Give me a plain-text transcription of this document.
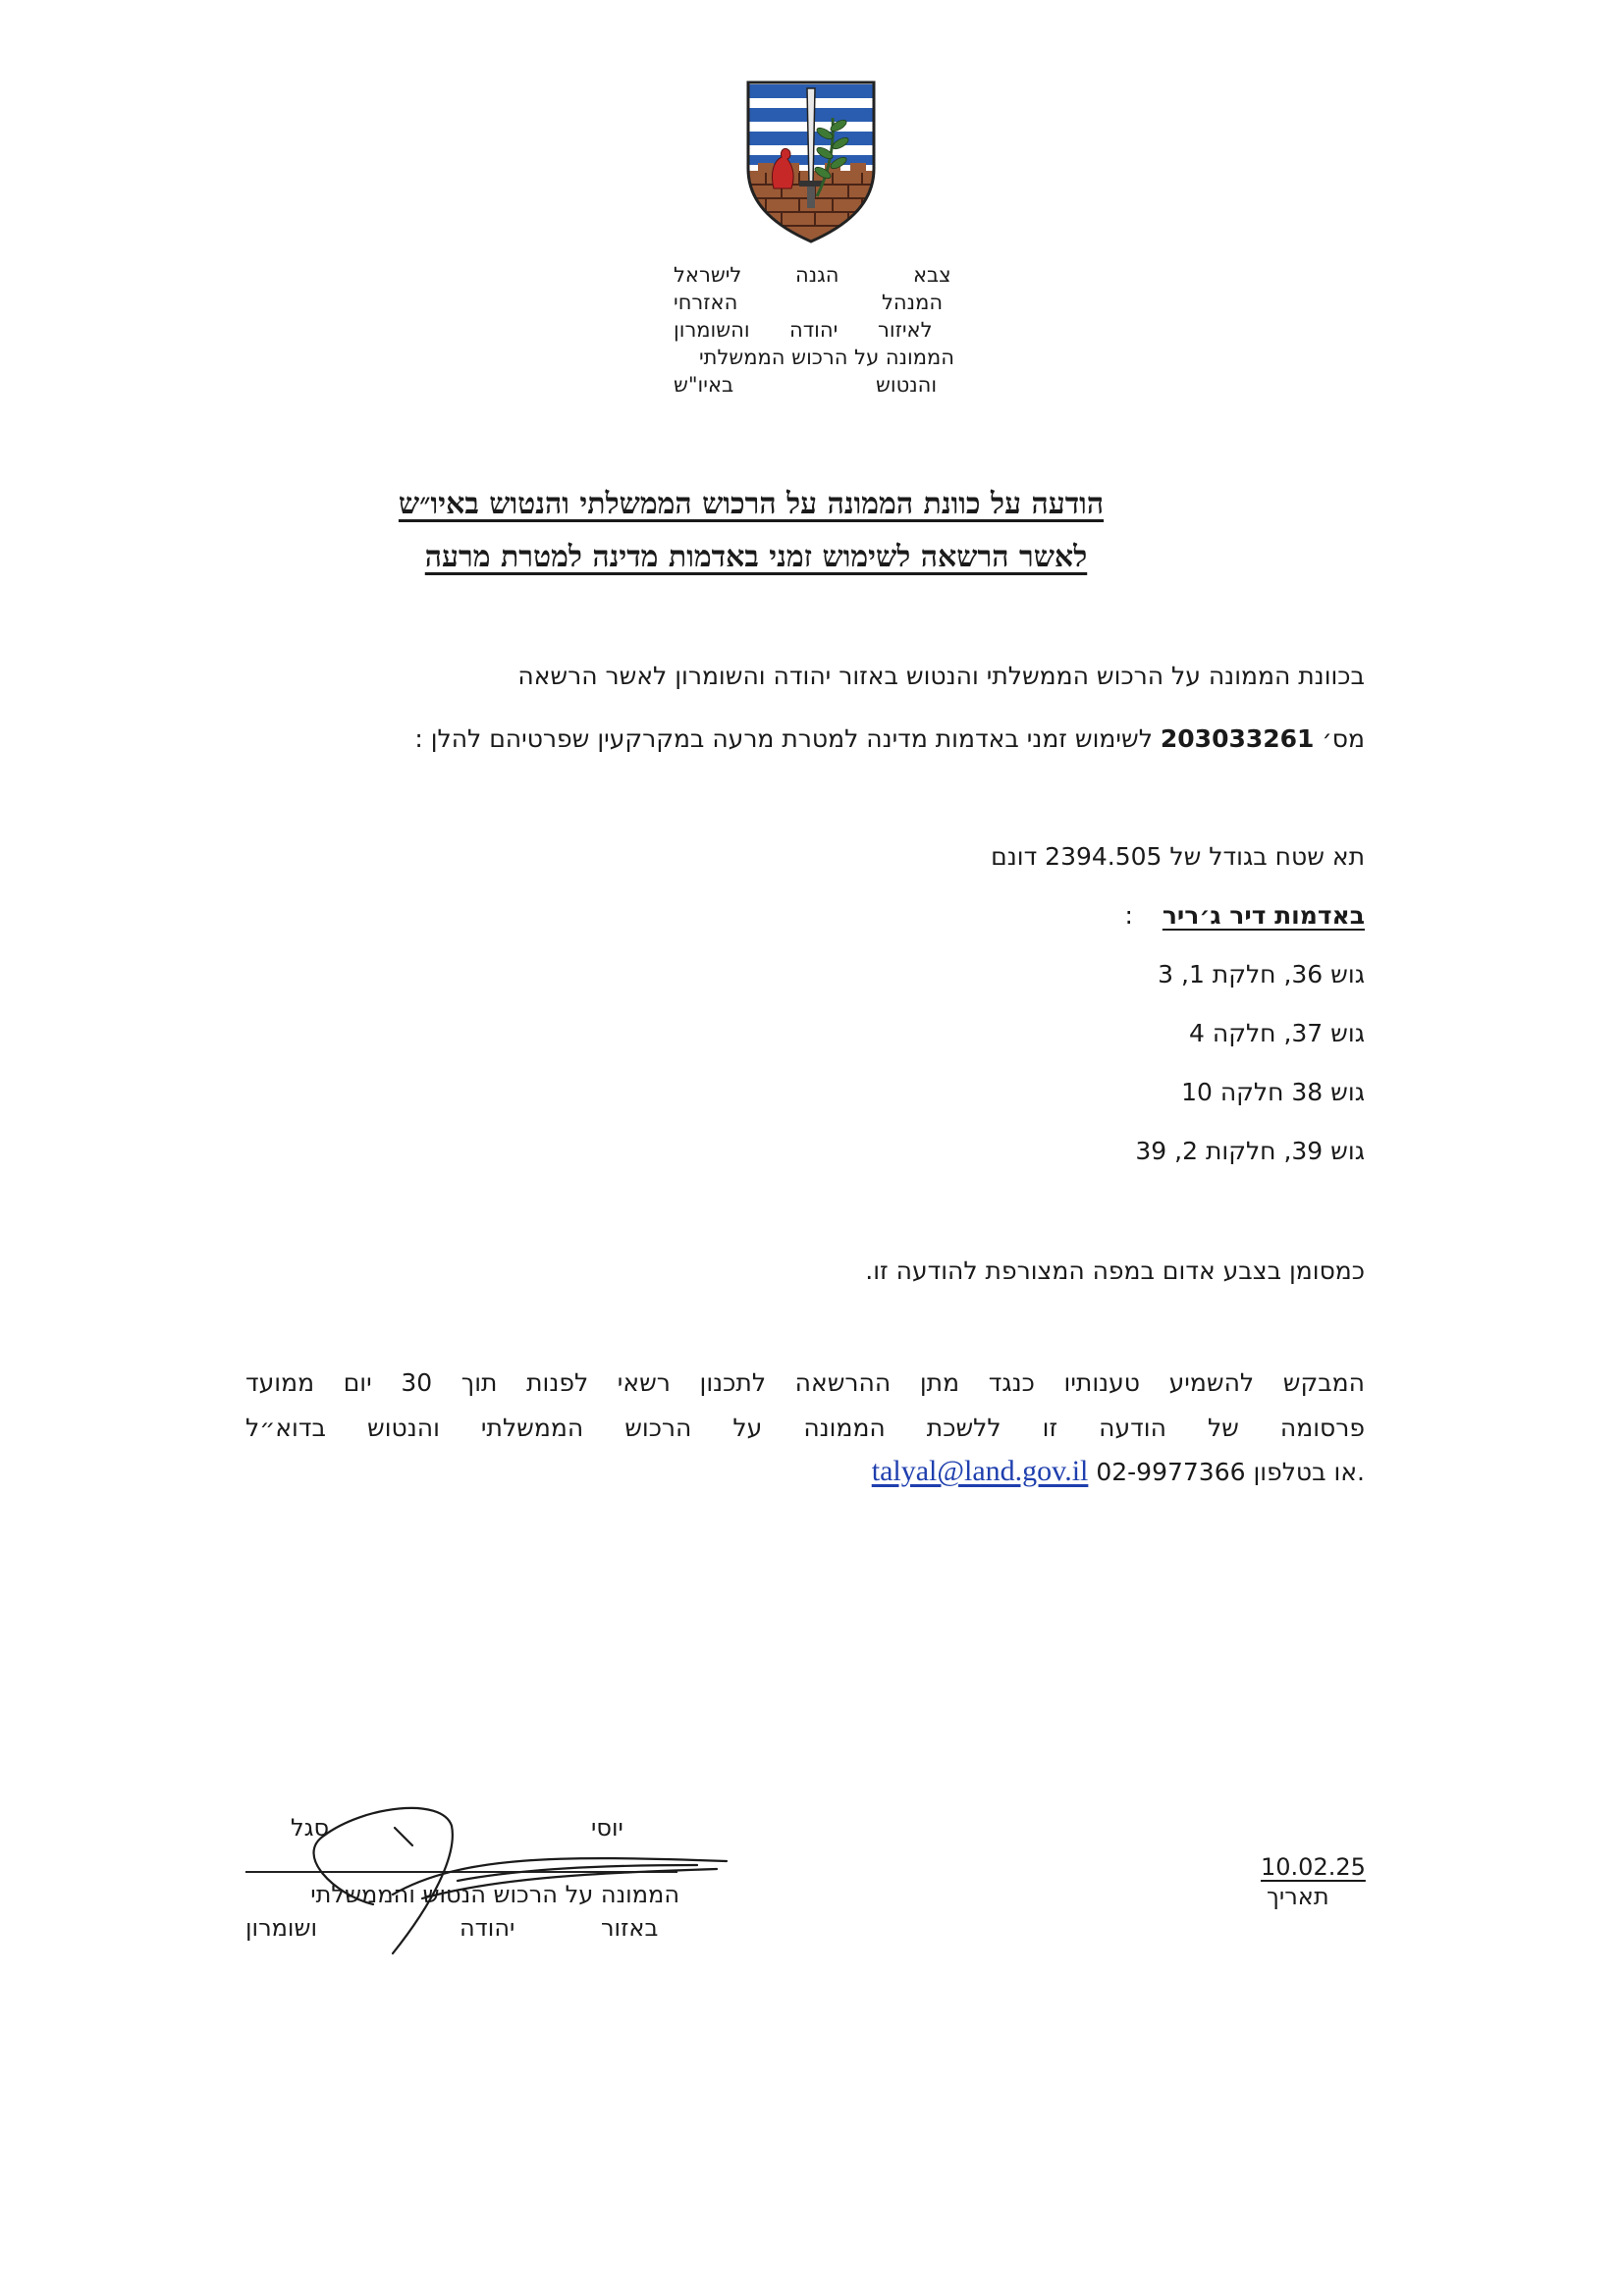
צבא
הגנה
לישראל
המנהל
האזרחי
לאיזור
יהודה
והשומרון
הממונה על הרכוש הממשלתי
והנטוש
באיו"ש
הודעה על כוונת הממונה על הרכוש הממשלתי והנטוש באיו״ש
לאשר הרשאה לשימוש זמני באדמות מדינה למטרת מרעה
בכוונת הממונה על הרכוש הממשלתי והנטוש באזור יהודה והשומרון לאשר הרשאה
מס׳ 203033261 לשימוש זמני באדמות מדינה למטרת מרעה במקרקעין שפרטיהם להלן :
תא שטח בגודל של 2394.505 דונם
באדמות דיר ג׳ריר  :
גוש 36, חלקת 1, 3
גוש 37, חלקה 4
גוש 38 חלקה 10
גוש 39, חלקות 2, 39
כמסומן בצבע אדום במפה המצורפת להודעה זו.
המבקש להשמיע טענותיו כנגד מתן ההרשאה לתכנון רשאי לפנות תוך 30 יום ממועד
פרסומה של הודעה זו ללשכת הממונה על הרכוש הממשלתי והנטוש בדוא״ל
talyal@land.gov.il או בטלפון 02-9977366.
יוסי
סגל
הממונה על הרכוש הנטוש והממשלתי
באזור
יהודה
ושומרון
10.02.25
תאריך
